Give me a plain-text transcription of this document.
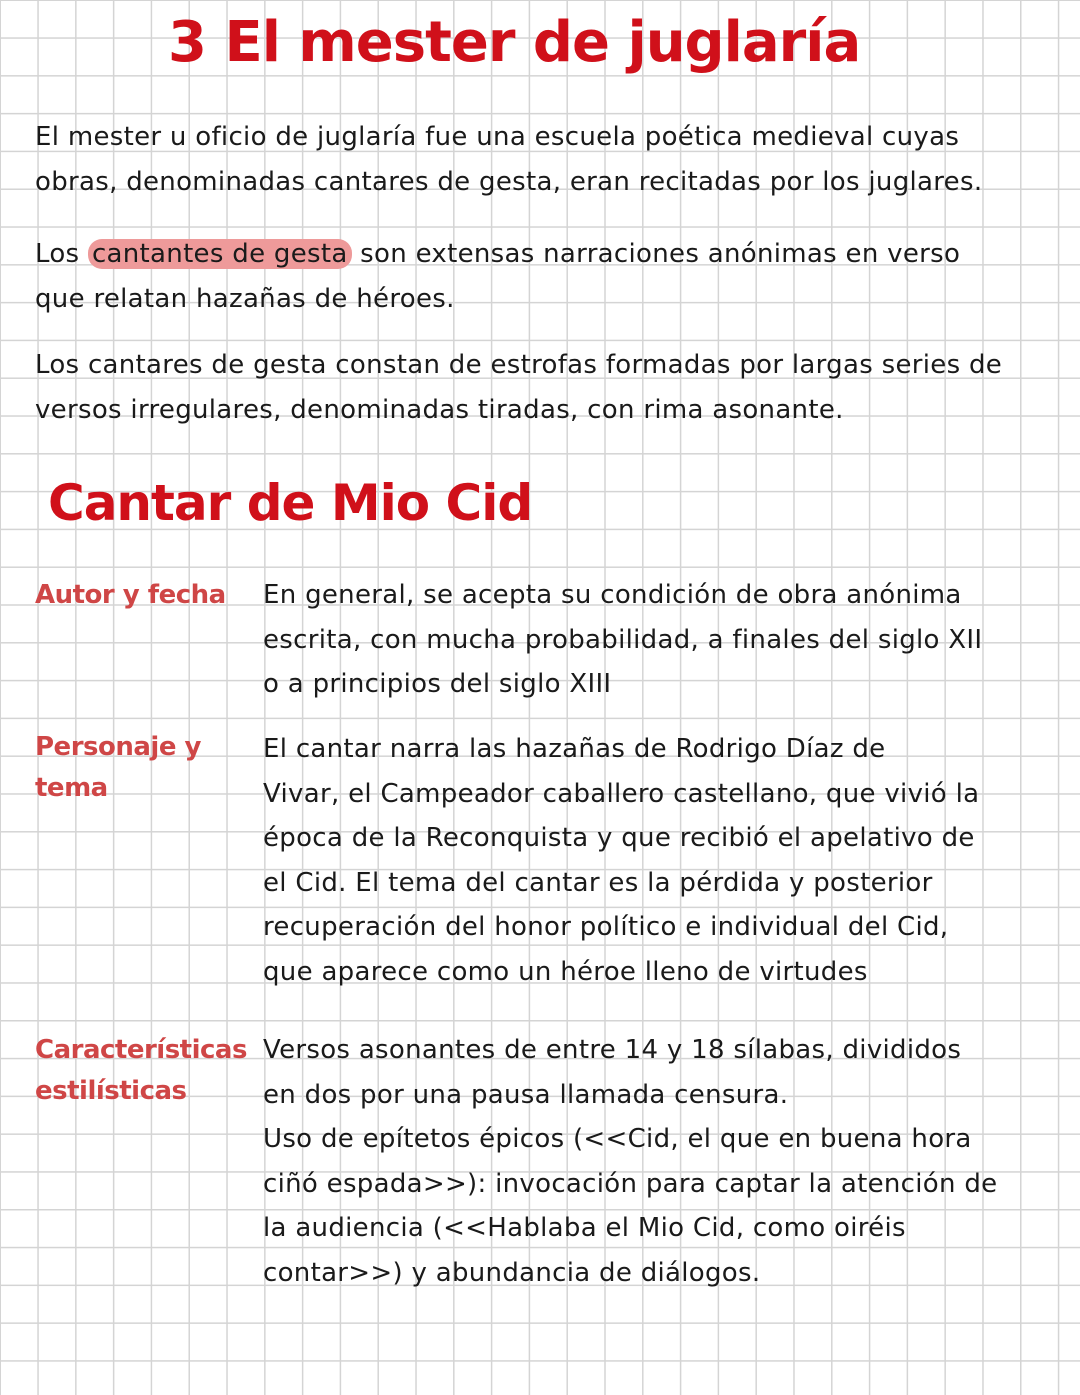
3 El mester de juglaría
El mester u oficio de juglaría fue una escuela poética medieval cuyas
obras, denominadas cantares de gesta, eran recitadas por los juglares.
Los cantantes de gesta son extensas narraciones anónimas en verso
que relatan hazañas de héroes.
Los cantares de gesta constan de estrofas formadas por largas series de
versos irregulares, denominadas tiradas, con rima asonante.
Cantar de Mio Cid
Autor y fecha En general, se acepta su condición de obra anónima
escrita, con mucha probabilidad, a finales del siglo XII
o a principios del siglo XIII
Personaje y
tema
El cantar narra las hazañas de Rodrigo Díaz de
Vivar, el Campeador caballero castellano, que vivió la
época de la Reconquista y que recibió el apelativo de
el Cid. El tema del cantar es la pérdida y posterior
recuperación del honor político e individual del Cid,
que aparece como un héroe lleno de virtudes
Características
estilísticas
Versos asonantes de entre 14 y 18 sílabas, divididos
en dos por una pausa llamada censura.
Uso de epítetos épicos (<<Cid, el que en buena hora
ciñó espada>>): invocación para captar la atención de
la audiencia (<<Hablaba el Mio Cid, como oiréis
contar>>) y abundancia de diálogos.
